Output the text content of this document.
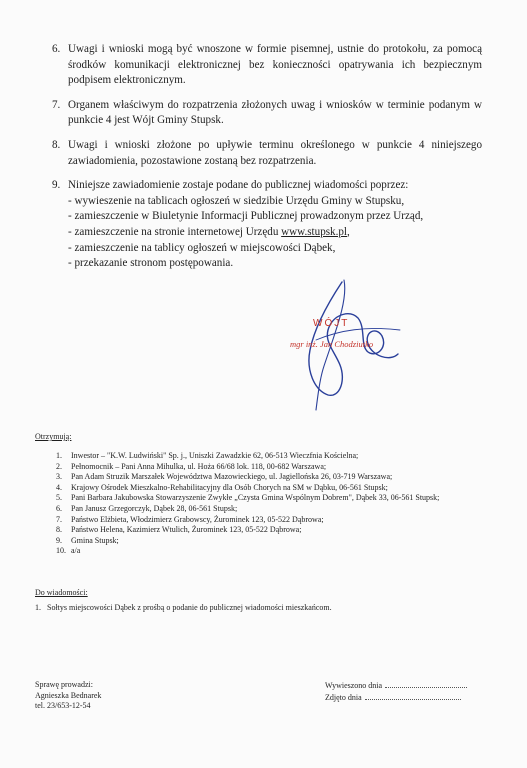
6. Uwagi i wnioski mogą być wnoszone w formie pisemnej, ustnie do protokołu, za pomocą środków komunikacji elektronicznej bez konieczności opatrywania ich bezpiecznym podpisem elektronicznym.
7. Organem właściwym do rozpatrzenia złożonych uwag i wniosków w terminie podanym w punkcie 4 jest Wójt Gminy Stupsk.
8. Uwagi i wnioski złożone po upływie terminu określonego w punkcie 4 niniejszego zawiadomienia, pozostawione zostaną bez rozpatrzenia.
9. Niniejsze zawiadomienie zostaje podane do publicznej wiadomości poprzez:
- wywieszenie na tablicach ogłoszeń w siedzibie Urzędu Gminy w Stupsku,
- zamieszczenie w Biuletynie Informacji Publicznej prowadzonym przez Urząd,
- zamieszczenie na stronie internetowej Urzędu www.stupsk.pl,
- zamieszczenie na tablicy ogłoszeń w miejscowości Dąbek,
- przekazanie stronom postępowania.
WÓJT
mgr inż. Jan Chodziutko
Otrzymują:
1.	Inwestor – "K.W. Ludwiński" Sp. j., Uniszki Zawadzkie 62, 06-513 Wieczfnia Kościelna;
2.	Pełnomocnik – Pani Anna Mihulka, ul. Hoża 66/68 lok. 118, 00-682 Warszawa;
3.	Pan Adam Struzik Marszałek Województwa Mazowieckiego, ul. Jagiellońska 26, 03-719 Warszawa;
4.	Krajowy Ośrodek Mieszkalno-Rehabilitacyjny dla Osób Chorych na SM w Dąbku, 06-561 Stupsk;
5.	Pani Barbara Jakubowska Stowarzyszenie Zwykłe „Czysta Gmina Wspólnym Dobrem", Dąbek 33, 06-561 Stupsk;
6.	Pan Janusz Grzegorczyk, Dąbek 28, 06-561 Stupsk;
7.	Państwo Elżbieta, Włodzimierz Grabowscy, Żurominek 123, 05-522 Dąbrowa;
8.	Państwo Helena, Kazimierz Wtulich, Żurominek 123, 05-522 Dąbrowa;
9.	Gmina Stupsk;
10. a/a
Do wiadomości:
1. Sołtys miejscowości Dąbek z prośbą o podanie do publicznej wiadomości mieszkańcom.
Sprawę prowadzi:
Agnieszka Bednarek
tel. 23/653-12-54
Wywieszono dnia
Zdjęto dnia
